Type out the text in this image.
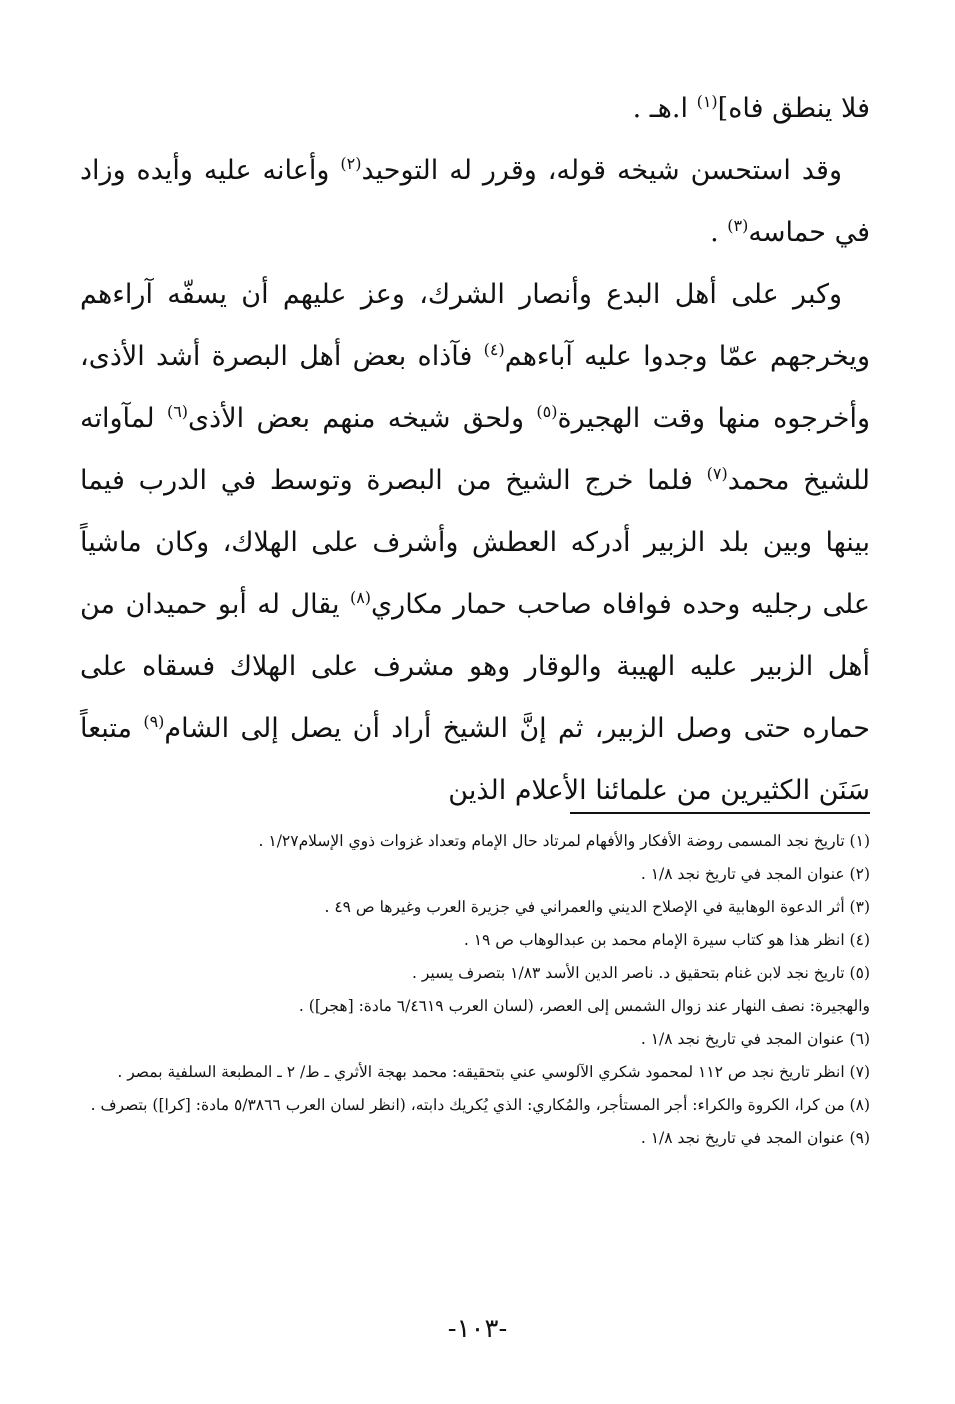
فلا ينطق فاه]$^{(١)}$ ا.هـ .

وقد استحسن شيخه قوله، وقرر له التوحيد$^{(٢)}$ وأعانه عليه وأيده وزاد في حماسه$^{(٣)}$ .

وكبر على أهل البدع وأنصار الشرك، وعز عليهم أن يسفّه آراءهم ويخرجهم عمّا وجدوا عليه آباءهم$^{(٤)}$ فآذاه بعض أهل البصرة أشد الأذى، وأخرجوه منها وقت الهجيرة$^{(٥)}$ ولحق شيخه منهم بعض الأذى$^{(٦)}$ لمآواته للشيخ محمد$^{(٧)}$ فلما خرج الشيخ من البصرة وتوسط في الدرب فيما بينها وبين بلد الزبير أدركه العطش وأشرف على الهلاك، وكان ماشياً على رجليه وحده فوافاه صاحب حمار مكاري$^{(٨)}$ يقال له أبو حميدان من أهل الزبير عليه الهيبة والوقار وهو مشرف على الهلاك فسقاه على حماره حتى وصل الزبير، ثم إنَّ الشيخ أراد أن يصل إلى الشام$^{(٩)}$ متبعاً سَنَن الكثيرين من علمائنا الأعلام الذين

(١) تاريخ نجد المسمى روضة الأفكار والأفهام لمرتاد حال الإمام وتعداد غزوات ذوي الإسلام١/٢٧ .

(٢) عنوان المجد في تاريخ نجد ١/٨ .

(٣) أثر الدعوة الوهابية في الإصلاح الديني والعمراني في جزيرة العرب وغيرها ص ٤٩ .

(٤) انظر هذا هو كتاب سيرة الإمام محمد بن عبدالوهاب ص ١٩ .

(٥) تاريخ نجد لابن غنام بتحقيق د. ناصر الدين الأسد ١/٨٣ بتصرف يسير .

والهجيرة: نصف النهار عند زوال الشمس إلى العصر، (لسان العرب ٦/٤٦١٩ مادة: [هجر]) .

(٦) عنوان المجد في تاريخ نجد ١/٨ .

(٧) انظر تاريخ نجد ص ١١٢ لمحمود شكري الآلوسي عني بتحقيقه: محمد بهجة الأثري ـ ط/ ٢ ـ المطبعة السلفية بمصر .

(٨) من كرا، الكروة والكراء: أجر المستأجر، والمُكاري: الذي يُكريك دابته، (انظر لسان العرب ٥/٣٨٦٦ مادة: [كرا]) بتصرف .

(٩) عنوان المجد في تاريخ نجد ١/٨ .

-١٠٣-
